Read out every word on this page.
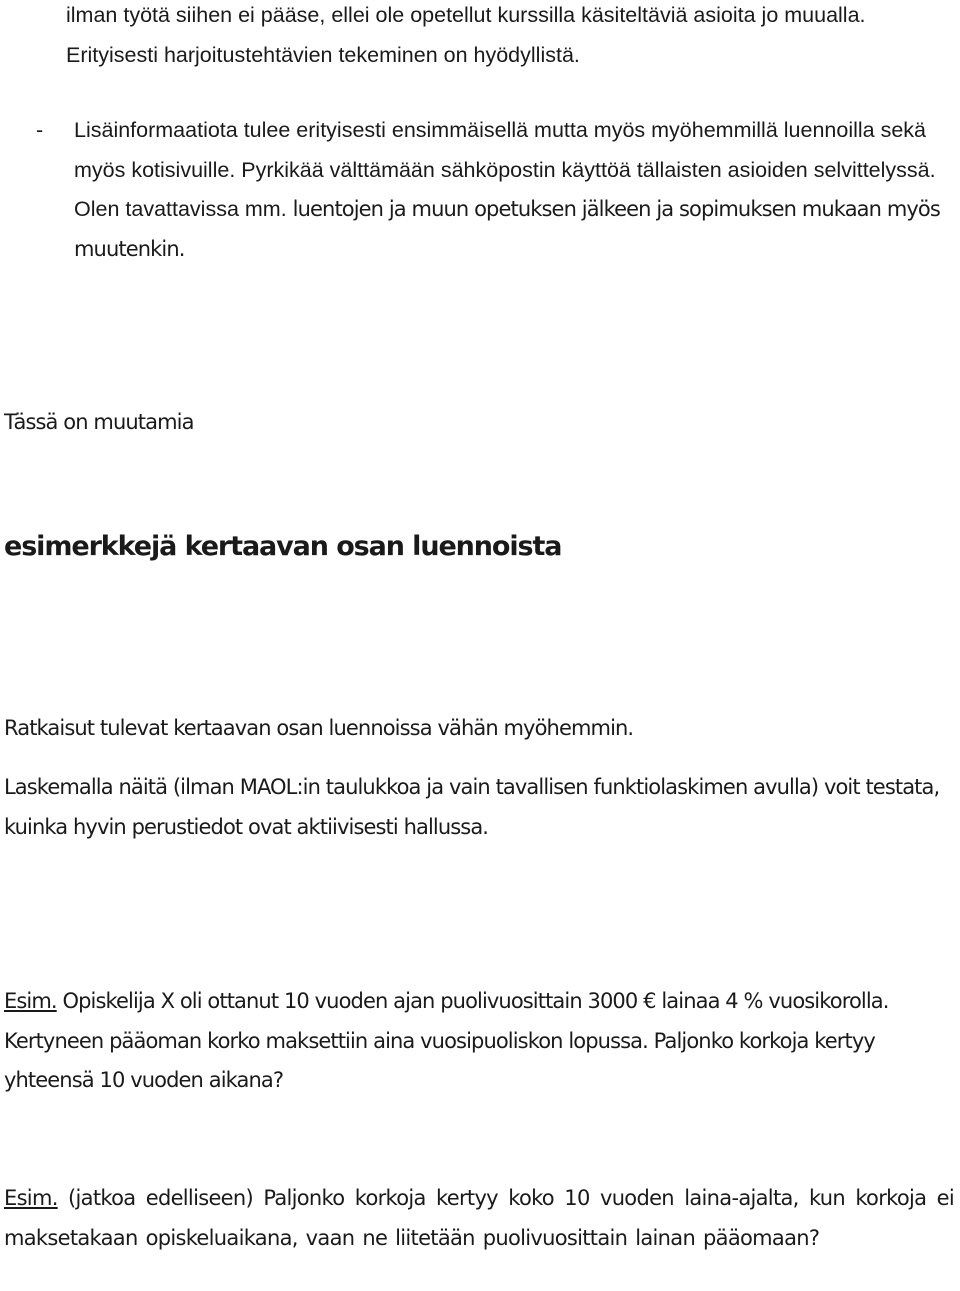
ilman työtä siihen ei pääse, ellei ole opetellut kurssilla käsiteltäviä asioita jo muualla. Erityisesti harjoitustehtävien tekeminen on hyödyllistä.
-	Lisäinformaatiota tulee erityisesti ensimmäisellä mutta myös myöhemmillä luennoilla sekä myös kotisivuille. Pyrkikää välttämään sähköpostin käyttöä tällaisten asioiden selvittelyssä. Olen tavattavissa mm. luentojen ja muun opetuksen jälkeen ja sopimuksen mukaan myös muutenkin.
Tässä on muutamia
esimerkkejä kertaavan osan luennoista
Ratkaisut tulevat kertaavan osan luennoissa vähän myöhemmin.
Laskemalla näitä (ilman MAOL:in taulukkoa ja vain tavallisen funktiolaskimen avulla) voit testata, kuinka hyvin perustiedot ovat aktiivisesti hallussa.
Esim. Opiskelija X oli ottanut 10 vuoden ajan puolivuosittain 3000 € lainaa 4 % vuosikorolla. Kertyneen pääoman korko maksettiin aina vuosipuoliskon lopussa. Paljonko korkoja kertyy yhteensä 10 vuoden aikana?
Esim. (jatkoa edelliseen) Paljonko korkoja kertyy koko 10 vuoden laina-ajalta, kun korkoja ei maksetakaan opiskeluaikana, vaan ne liitetään puolivuosittain lainan pääomaan?
